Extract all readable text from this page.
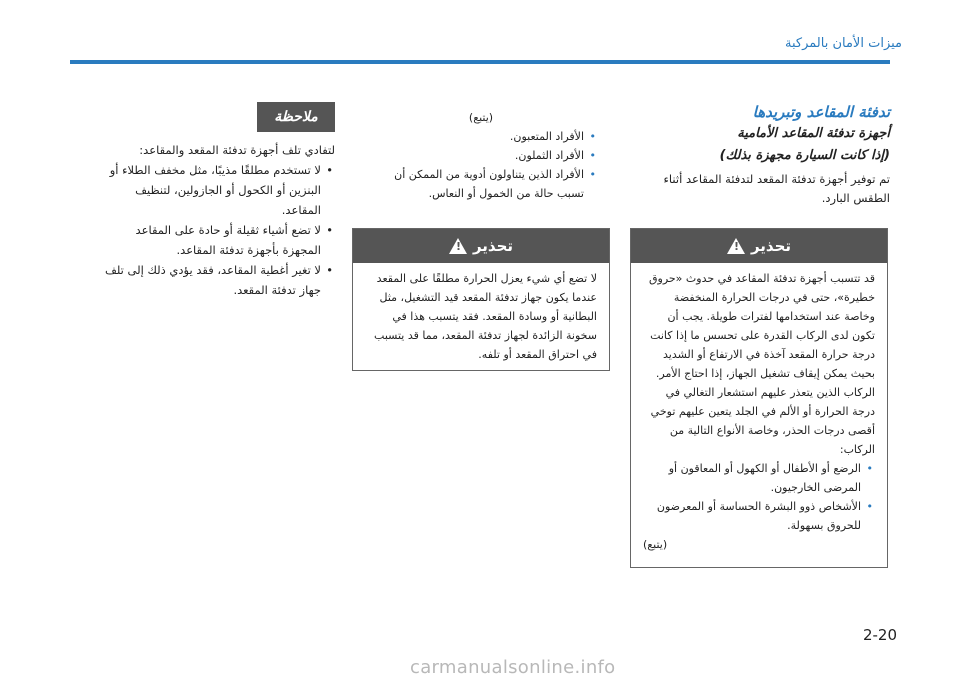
ميزات الأمان بالمركبة
تدفئة المقاعد وتبريدها
أجهزة تدفئة المقاعد الأمامية
(إذا كانت السيارة مجهزة بذلك)
تم توفير أجهزة تدفئة المقعد لتدفئة المقاعد أثناء الطقس البارد.
تحذير
!

قد تتسبب أجهزة تدفئة المقاعد في حدوث «حروق خطيرة»، حتى في درجات الحرارة المنخفضة وخاصة عند استخدامها لفترات طويلة. يجب أن تكون لدى الركاب القدرة على تحسس ما إذا كانت درجة حرارة المقعد آخذة في الارتفاع أو الشديد بحيث يمكن إيقاف تشغيل الجهاز، إذا احتاج الأمر. الركاب الذين يتعذر عليهم استشعار التغالي في درجة الحرارة أو الألم في الجلد يتعين عليهم توخي أقصى درجات الحذر، وخاصة الأنواع التالية من الركاب:

• الرضع أو الأطفال أو الكهول أو المعاقون أو المرضى الخارجيون.
• الأشخاص ذوو البشرة الحساسة أو المعرضون للحروق بسهولة.

(يتبع)

(يتبع)

• الأفراد المتعبون.
• الأفراد الثملون.
• الأفراد الذين يتناولون أدوية من الممكن أن تسبب حالة من الخمول أو النعاس.
تحذير
!

لا تضع أي شيء يعزل الحرارة مطلقًا على المقعد عندما يكون جهاز تدفئة المقعد قيد التشغيل، مثل البطانية أو وسادة المقعد. فقد يتسبب هذا في سخونة الزائدة لجهاز تدفئة المقعد، مما قد يتسبب في احتراق المقعد أو تلفه.

ملاحظة

لتفادي تلف أجهزة تدفئة المقعد والمقاعد:

• لا تستخدم مطلقًا مذيبًا، مثل مخفف الطلاء أو البنزين أو الكحول أو الجازولين، لتنظيف المقاعد.
• لا تضع أشياء ثقيلة أو حادة على المقاعد المجهزة بأجهزة تدفئة المقاعد.
• لا تغير أغطية المقاعد، فقد يؤدي ذلك إلى تلف جهاز تدفئة المقعد.
2-20
carmanualsonline.info
